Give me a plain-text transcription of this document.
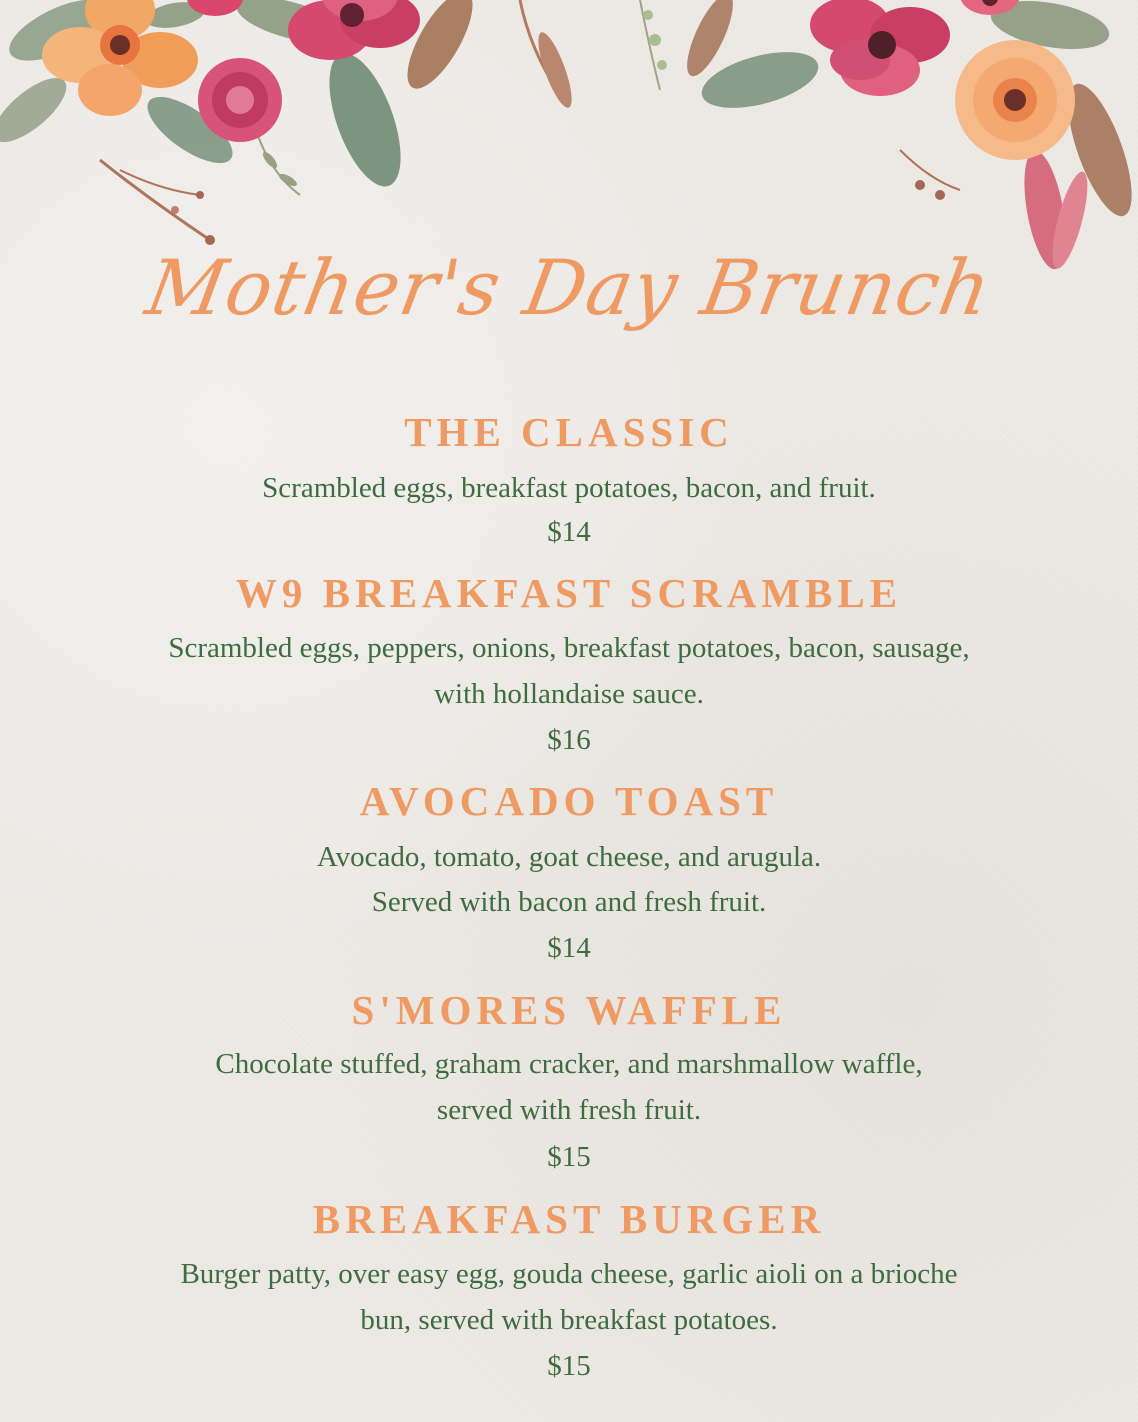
Mother's Day Brunch
THE CLASSIC
Scrambled eggs, breakfast potatoes, bacon, and fruit.
$14
W9 BREAKFAST SCRAMBLE
Scrambled eggs, peppers, onions, breakfast potatoes, bacon, sausage,
with hollandaise sauce.
$16
AVOCADO TOAST
Avocado, tomato, goat cheese, and arugula.
Served with bacon and fresh fruit.
$14
S'MORES WAFFLE
Chocolate stuffed, graham cracker, and marshmallow waffle,
served with fresh fruit.
$15
BREAKFAST BURGER
Burger patty, over easy egg, gouda cheese, garlic aioli on a brioche
bun, served with breakfast potatoes.
$15
